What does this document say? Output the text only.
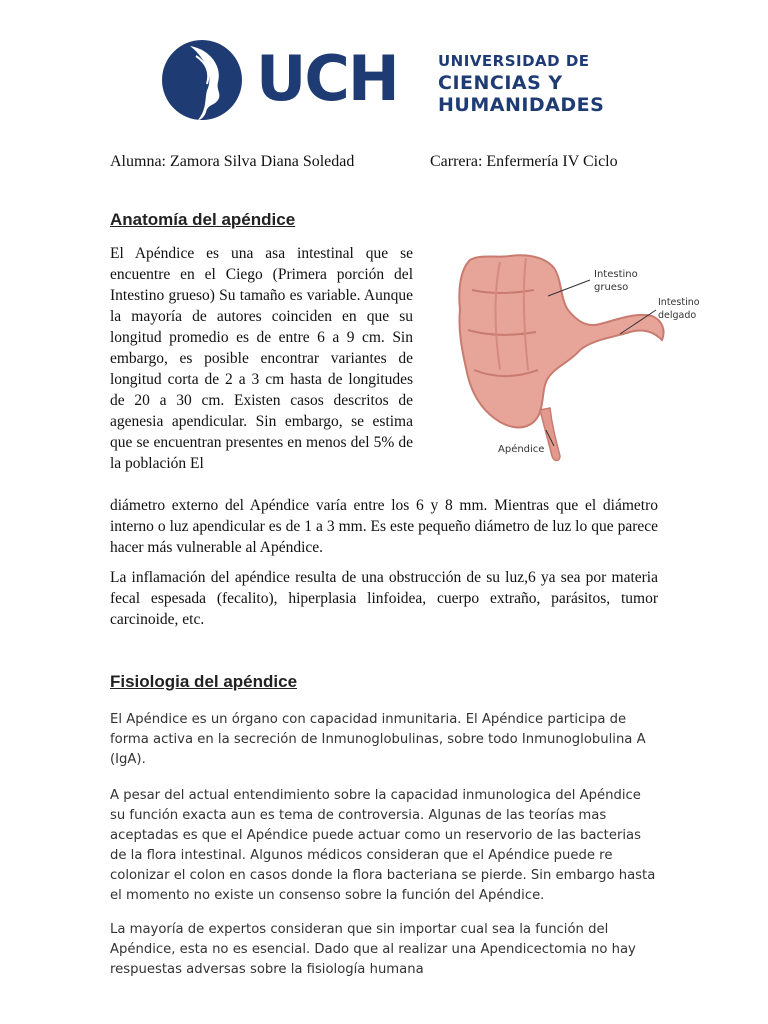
UCH	UNIVERSIDAD DE
CIENCIAS Y
HUMANIDADES
Alumna: Zamora Silva Diana Soledad	Carrera: Enfermería IV Ciclo
Anatomía del apéndice
El Apéndice es una asa intestinal que se encuentre en el Ciego (Primera porción del Intestino grueso) Su tamaño es variable. Aunque la mayoría de autores coinciden en que su longitud promedio es de entre 6 a 9 cm. Sin embargo, es posible encontrar variantes de longitud corta de 2 a 3 cm hasta de longitudes de 20 a 30 cm. Existen casos descritos de agenesia apendicular. Sin embargo, se estima que se encuentran presentes en menos del 5% de la población El
Intestino
grueso
Intestino
delgado
Apéndice
diámetro externo del Apéndice varía entre los 6 y 8 mm. Mientras que el diámetro interno o luz apendicular es de 1 a 3 mm. Es este pequeño diámetro de luz lo que parece hacer más vulnerable al Apéndice.
La inflamación del apéndice resulta de una obstrucción de su luz,6 ya sea por materia fecal espesada (fecalito), hiperplasia linfoidea, cuerpo extraño, parásitos, tumor carcinoide, etc.
Fisiologia del apéndice
El Apéndice es un órgano con capacidad inmunitaria. El Apéndice participa de forma activa en la secreción de Inmunoglobulinas, sobre todo Inmunoglobulina A (IgA).
A pesar del actual entendimiento sobre la capacidad inmunologica del Apéndice su función exacta aun es tema de controversia. Algunas de las teorías mas aceptadas es que el Apéndice puede actuar como un reservorio de las bacterias de la flora intestinal. Algunos médicos consideran que el Apéndice puede re colonizar el colon en casos donde la flora bacteriana se pierde. Sin embargo hasta el momento no existe un consenso sobre la función del Apéndice.
La mayoría de expertos consideran que sin importar cual sea la función del Apéndice, esta no es esencial. Dado que al realizar una Apendicectomia no hay respuestas adversas sobre la fisiología humana
